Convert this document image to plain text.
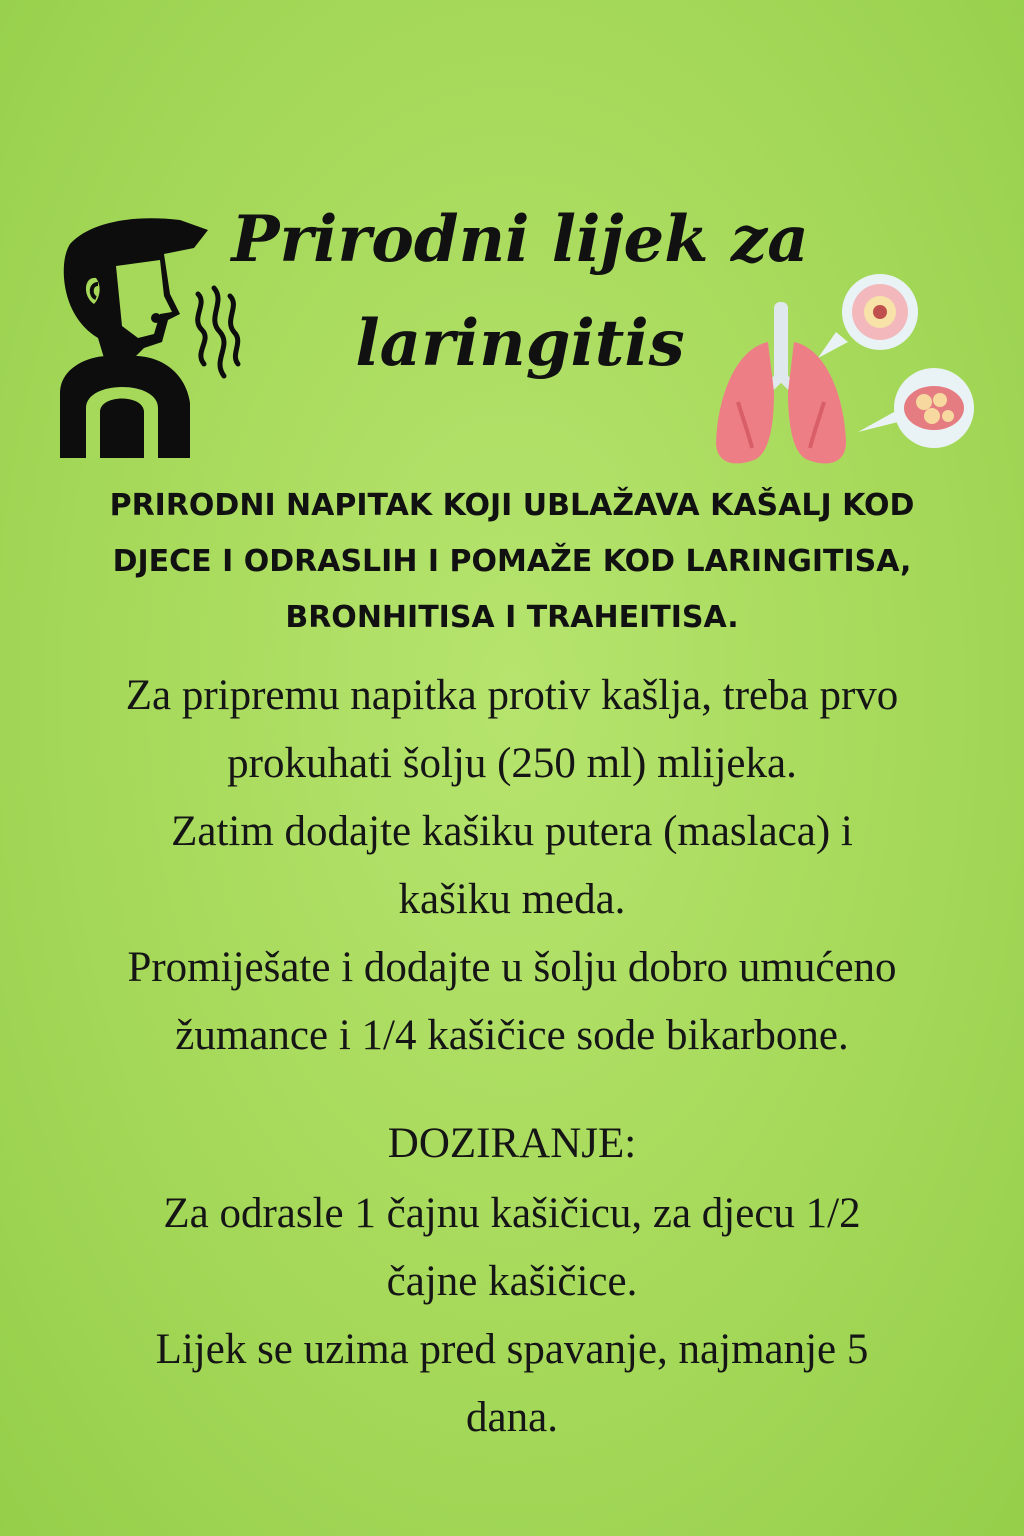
Prirodni lijek za laringitis

PRIRODNI NAPITAK KOJI UBLAŽAVA KAŠALJ KOD DJECE I ODRASLIH I POMAŽE KOD LARINGITISA, BRONHITISA I TRAHEITISA.

Za pripremu napitka protiv kašlja, treba prvo
prokuhati šolju (250 ml) mlijeka.
Zatim dodajte kašiku putera (maslaca) i
kašiku meda.
Promiješate i dodajte u šolju dobro umućeno
žumance i 1/4 kašičice sode bikarbone.
DOZIRANJE:
Za odrasle 1 čajnu kašičicu, za djecu 1/2
čajne kašičice.
Lijek se uzima pred spavanje, najmanje 5
dana.
